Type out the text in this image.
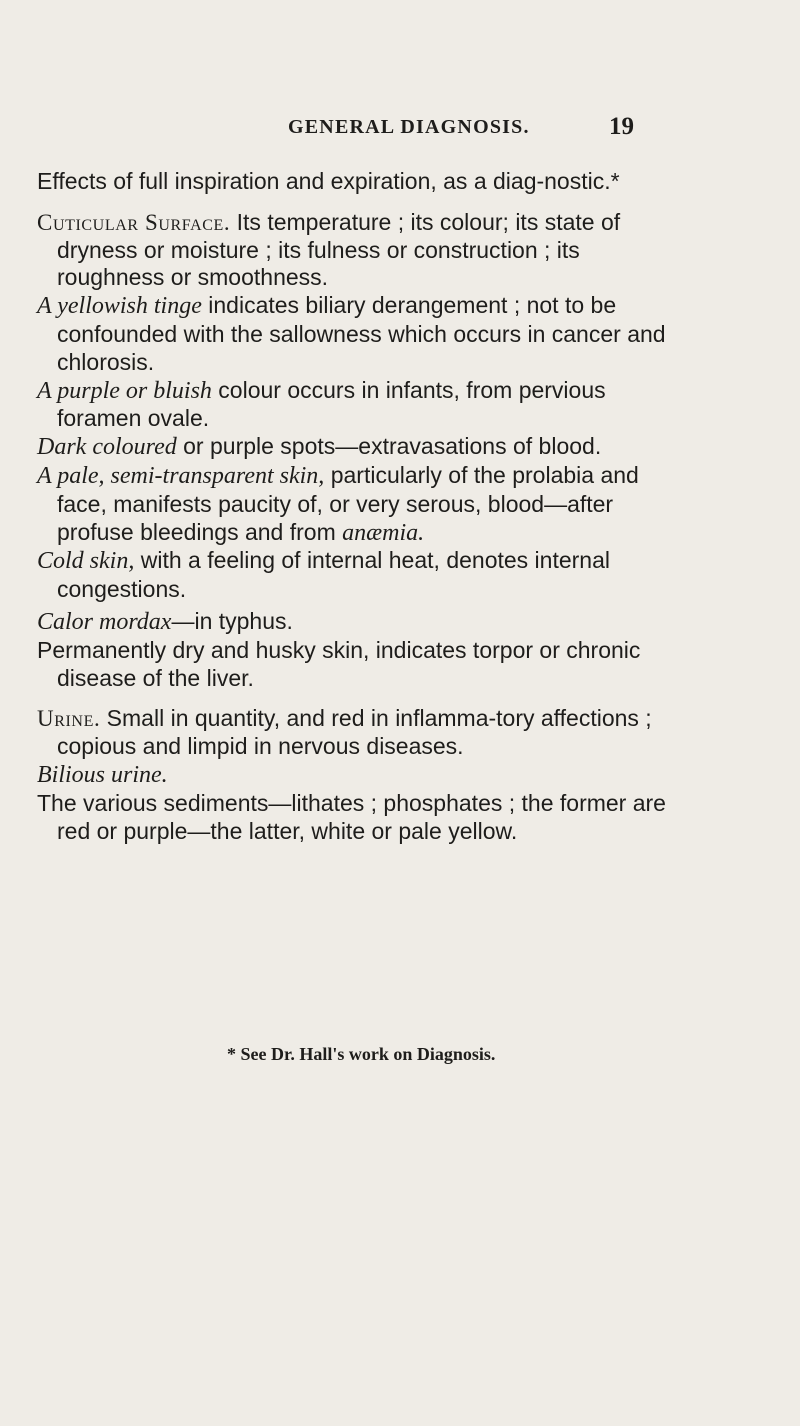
GENERAL DIAGNOSIS.	19

Effects of full inspiration and expiration, as a diag-nostic.*

Cuticular Surface. Its temperature ; its colour; its state of dryness or moisture ; its fulness or construction ; its roughness or smoothness.

A yellowish tinge indicates biliary derangement ; not to be confounded with the sallowness which occurs in cancer and chlorosis.

A purple or bluish colour occurs in infants, from pervious foramen ovale.

Dark coloured or purple spots—extravasations of blood.

A pale, semi-transparent skin, particularly of the prolabia and face, manifests paucity of, or very serous, blood—after profuse bleedings and from anæmia.

Cold skin, with a feeling of internal heat, denotes internal congestions.

Calor mordax—in typhus.

Permanently dry and husky skin, indicates torpor or chronic disease of the liver.

Urine. Small in quantity, and red in inflamma-tory affections ; copious and limpid in nervous diseases.

Bilious urine.

The various sediments—lithates ; phosphates ; the former are red or purple—the latter, white or pale yellow.

* See Dr. Hall's work on Diagnosis.
